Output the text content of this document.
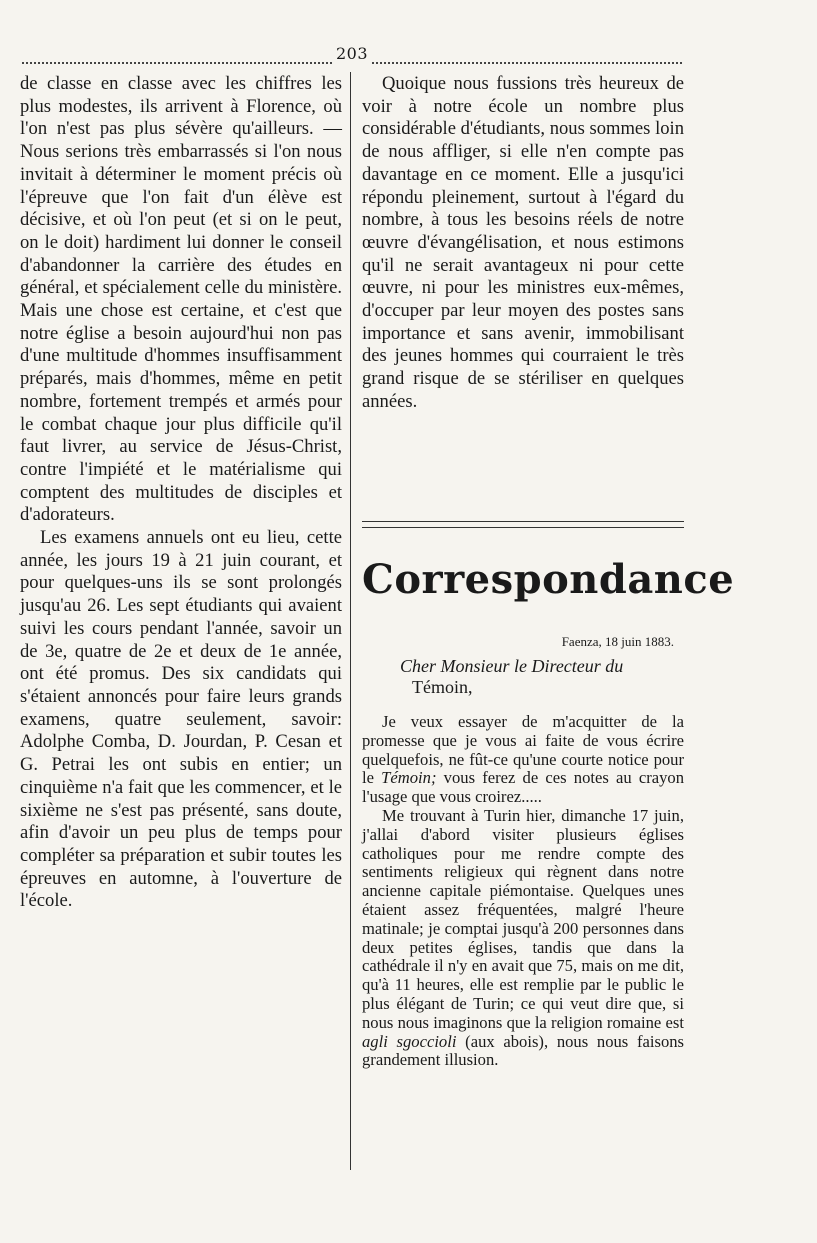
203

de classe en classe avec les chiffres les plus modestes, ils arrivent à Florence, où l'on n'est pas plus sévère qu'ailleurs. — Nous serions très embarrassés si l'on nous invitait à déterminer le moment précis où l'épreuve que l'on fait d'un élève est décisive, et où l'on peut (et si on le peut, on le doit) hardiment lui donner le conseil d'abandonner la carrière des études en général, et spécialement celle du ministère. Mais une chose est certaine, et c'est que notre église a besoin aujourd'hui non pas d'une multitude d'hommes insuffisamment préparés, mais d'hommes, même en petit nombre, fortement trempés et armés pour le combat chaque jour plus difficile qu'il faut livrer, au service de Jésus-Christ, contre l'impiété et le matérialisme qui comptent des multitudes de disciples et d'adorateurs.

Les examens annuels ont eu lieu, cette année, les jours 19 à 21 juin courant, et pour quelques-uns ils se sont prolongés jusqu'au 26. Les sept étudiants qui avaient suivi les cours pendant l'année, savoir un de 3e, quatre de 2e et deux de 1e année, ont été promus. Des six candidats qui s'étaient annoncés pour faire leurs grands examens, quatre seulement, savoir: Adolphe Comba, D. Jourdan, P. Cesan et G. Petrai les ont subis en entier; un cinquième n'a fait que les commencer, et le sixième ne s'est pas présenté, sans doute, afin d'avoir un peu plus de temps pour compléter sa préparation et subir toutes les épreuves en automne, à l'ouverture de l'école.

Quoique nous fussions très heureux de voir à notre école un nombre plus considérable d'étudiants, nous sommes loin de nous affliger, si elle n'en compte pas davantage en ce moment. Elle a jusqu'ici répondu pleinement, surtout à l'égard du nombre, à tous les besoins réels de notre œuvre d'évangélisation, et nous estimons qu'il ne serait avantageux ni pour cette œuvre, ni pour les ministres eux-mêmes, d'occuper par leur moyen des postes sans importance et sans avenir, immobilisant des jeunes hommes qui courraient le très grand risque de se stériliser en quelques années.

Correspondance
Faenza, 18 juin 1883.
Cher Monsieur le Directeur du
Témoin,

Je veux essayer de m'acquitter de la promesse que je vous ai faite de vous écrire quelquefois, ne fût-ce qu'une courte notice pour le Témoin; vous ferez de ces notes au crayon l'usage que vous croirez.....

Me trouvant à Turin hier, dimanche 17 juin, j'allai d'abord visiter plusieurs églises catholiques pour me rendre compte des sentiments religieux qui règnent dans notre ancienne capitale piémontaise. Quelques unes étaient assez fréquentées, malgré l'heure matinale; je comptai jusqu'à 200 personnes dans deux petites églises, tandis que dans la cathédrale il n'y en avait que 75, mais on me dit, qu'à 11 heures, elle est remplie par le public le plus élégant de Turin; ce qui veut dire que, si nous nous imaginons que la religion romaine est agli sgoccioli (aux abois), nous nous faisons grandement illusion.
